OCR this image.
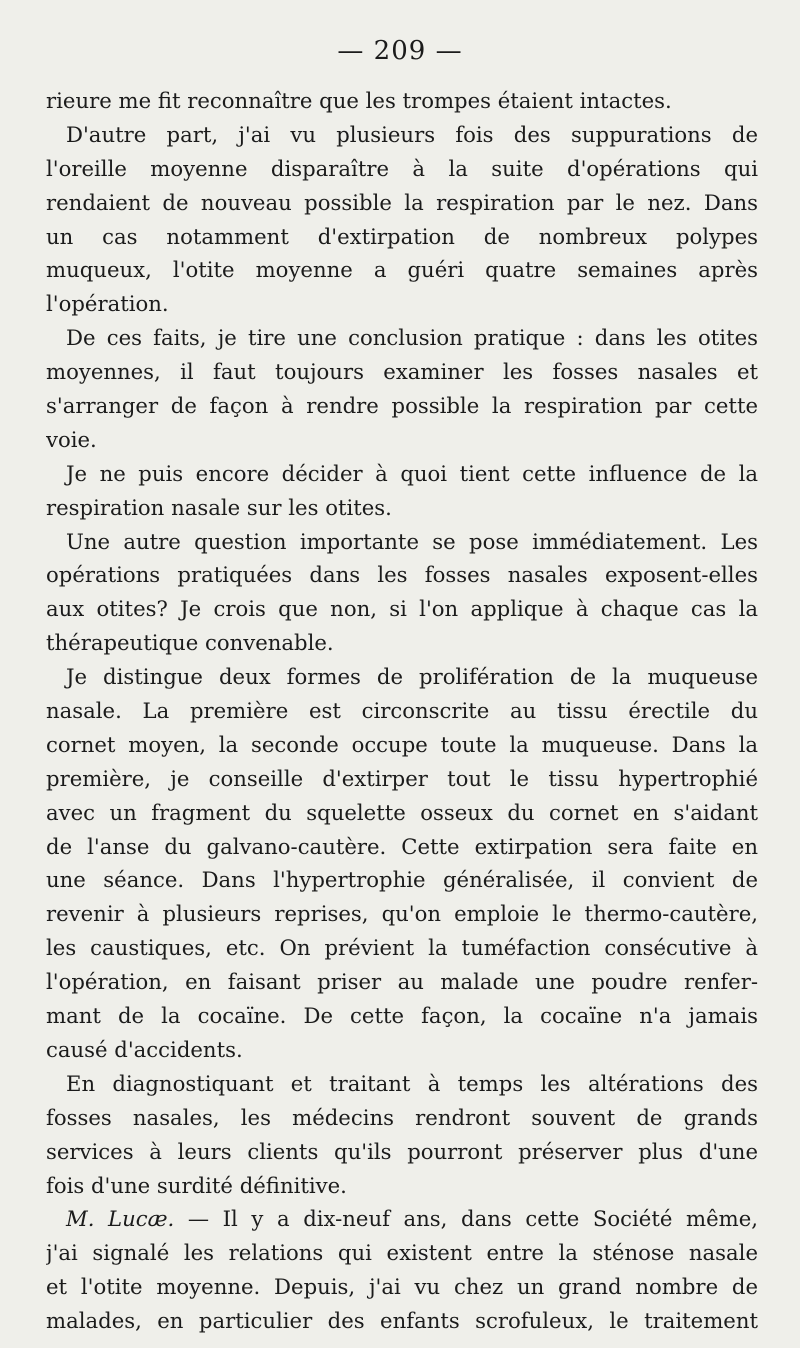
— 209 —
rieure me fit reconnaître que les trompes étaient intactes.
D'autre part, j'ai vu plusieurs fois des suppurations de
l'oreille moyenne disparaître à la suite d'opérations qui
rendaient de nouveau possible la respiration par le nez. Dans
un cas notamment d'extirpation de nombreux polypes
muqueux, l'otite moyenne a guéri quatre semaines après
l'opération.
De ces faits, je tire une conclusion pratique : dans les otites
moyennes, il faut toujours examiner les fosses nasales et
s'arranger de façon à rendre possible la respiration par cette
voie.
Je ne puis encore décider à quoi tient cette influence de la
respiration nasale sur les otites.
Une autre question importante se pose immédiatement. Les
opérations pratiquées dans les fosses nasales exposent-elles
aux otites? Je crois que non, si l'on applique à chaque cas la
thérapeutique convenable.
Je distingue deux formes de prolifération de la muqueuse
nasale. La première est circonscrite au tissu érectile du
cornet moyen, la seconde occupe toute la muqueuse. Dans la
première, je conseille d'extirper tout le tissu hypertrophié
avec un fragment du squelette osseux du cornet en s'aidant
de l'anse du galvano-cautère. Cette extirpation sera faite en
une séance. Dans l'hypertrophie généralisée, il convient de
revenir à plusieurs reprises, qu'on emploie le thermo-cautère,
les caustiques, etc. On prévient la tuméfaction consécutive à
l'opération, en faisant priser au malade une poudre renfer-
mant de la cocaïne. De cette façon, la cocaïne n'a jamais
causé d'accidents.
En diagnostiquant et traitant à temps les altérations des
fosses nasales, les médecins rendront souvent de grands
services à leurs clients qu'ils pourront préserver plus d'une
fois d'une surdité définitive.
M. Lucæ. — Il y a dix-neuf ans, dans cette Société même,
j'ai signalé les relations qui existent entre la sténose nasale
et l'otite moyenne. Depuis, j'ai vu chez un grand nombre de
malades, en particulier des enfants scrofuleux, le traitement
